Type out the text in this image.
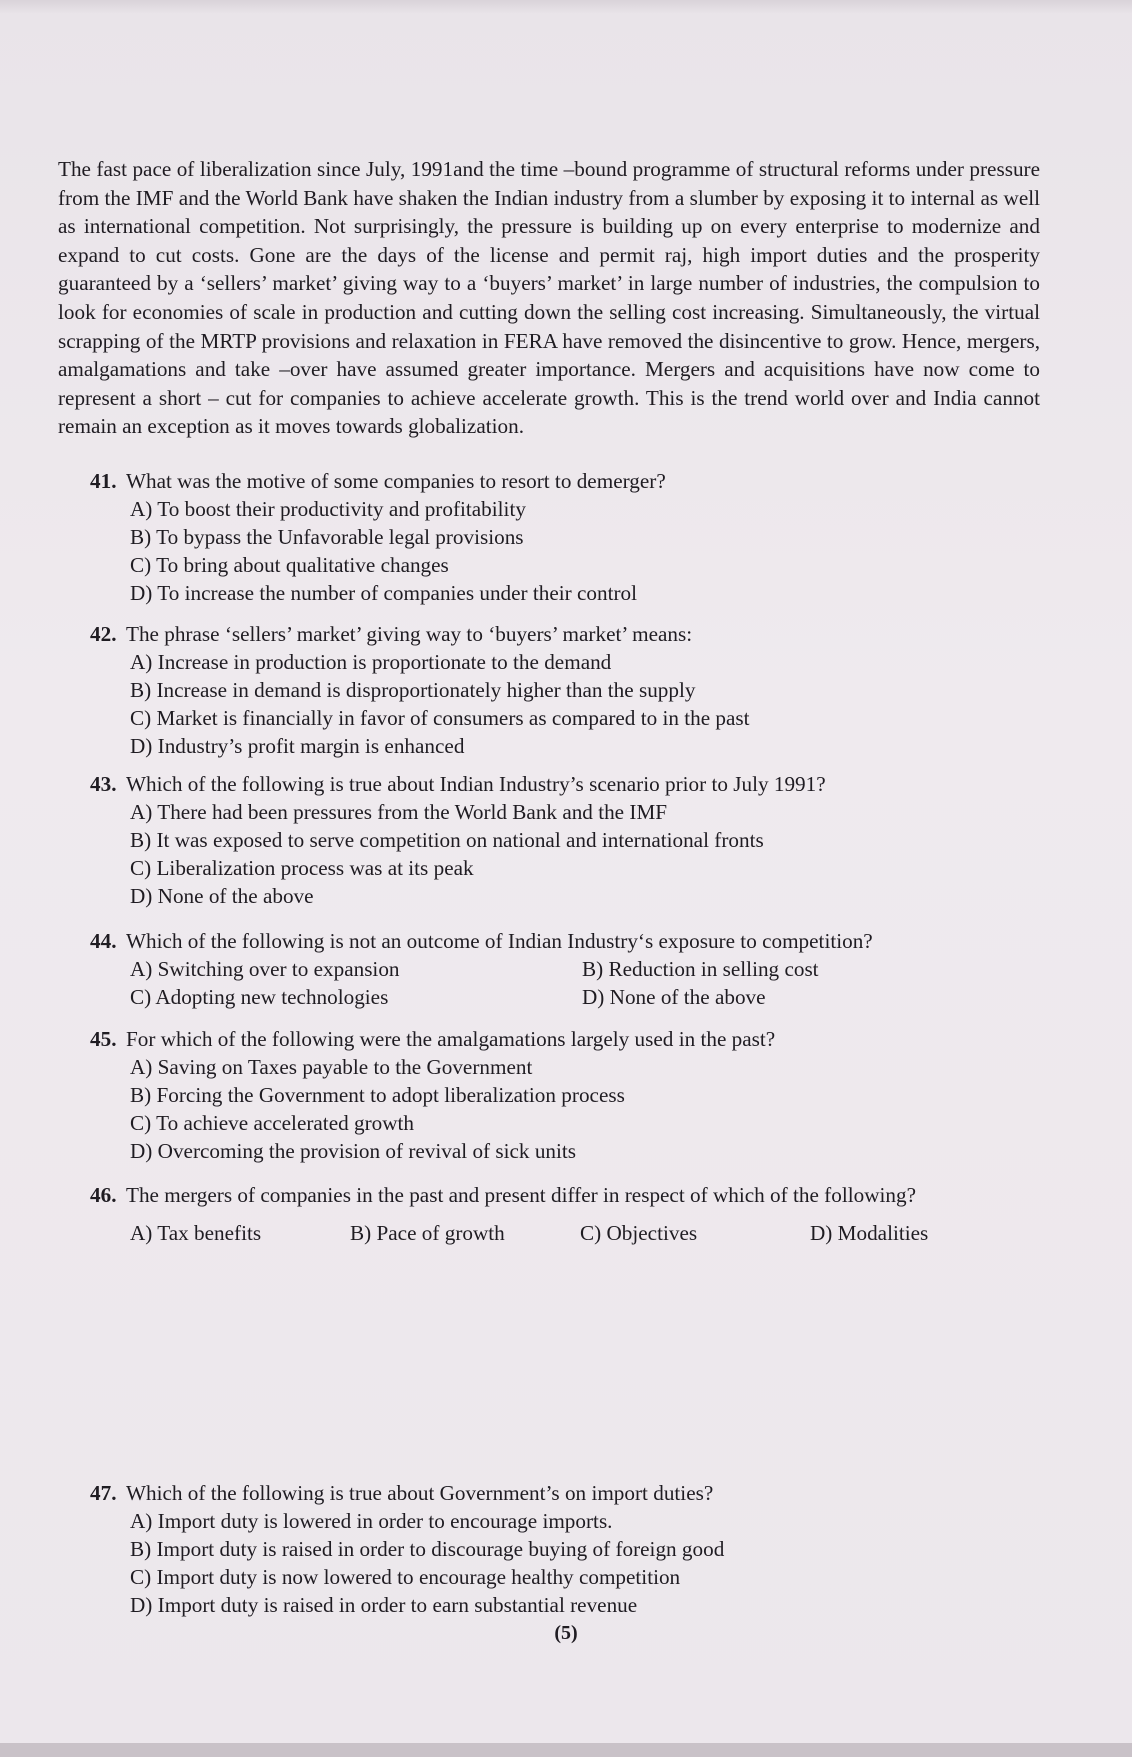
The fast pace of liberalization since July, 1991and the time –bound programme of structural reforms under pressure from the IMF and the World Bank have shaken the Indian industry from a slumber by exposing it to internal as well as international competition. Not surprisingly, the pressure is building up on every enterprise to modernize and expand to cut costs. Gone are the days of the license and permit raj, high import duties and the prosperity guaranteed by a ‘sellers’ market’ giving way to a ‘buyers’ market’ in large number of industries, the compulsion to look for economies of scale in production and cutting down the selling cost increasing. Simultaneously, the virtual scrapping of the MRTP provisions and relaxation in FERA have removed the disincentive to grow. Hence, mergers, amalgamations and take –over have assumed greater importance. Mergers and acquisitions have now come to represent a short – cut for companies to achieve accelerate growth. This is the trend world over and India cannot remain an exception as it moves towards globalization.

41. What was the motive of some companies to resort to demerger?
A) To boost their productivity and profitability
B) To bypass the Unfavorable legal provisions
C) To bring about qualitative changes
D) To increase the number of companies under their control
42. The phrase ‘sellers’ market’ giving way to ‘buyers’ market’ means:
A) Increase in production is proportionate to the demand
B) Increase in demand is disproportionately higher than the supply
C) Market is financially in favor of consumers as compared to in the past
D) Industry’s profit margin is enhanced
43. Which of the following is true about Indian Industry’s scenario prior to July 1991?
A) There had been pressures from the World Bank and the IMF
B) It was exposed to serve competition on national and international fronts
C) Liberalization process was at its peak
D) None of the above
44. Which of the following is not an outcome of Indian Industry‘s exposure to competition?
A) Switching over to expansion	B) Reduction in selling cost
C) Adopting new technologies	D) None of the above
45. For which of the following were the amalgamations largely used in the past?
A) Saving on Taxes payable to the Government
B) Forcing the Government to adopt liberalization process
C) To achieve accelerated growth
D) Overcoming the provision of revival of sick units
46. The mergers of companies in the past and present differ in respect of which of the following?
A) Tax benefits	B) Pace of growth	C) Objectives	D) Modalities
47. Which of the following is true about Government’s on import duties?
A) Import duty is lowered in order to encourage imports.
B) Import duty is raised in order to discourage buying of foreign good
C) Import duty is now lowered to encourage healthy competition
D) Import duty is raised in order to earn substantial revenue
(5)
